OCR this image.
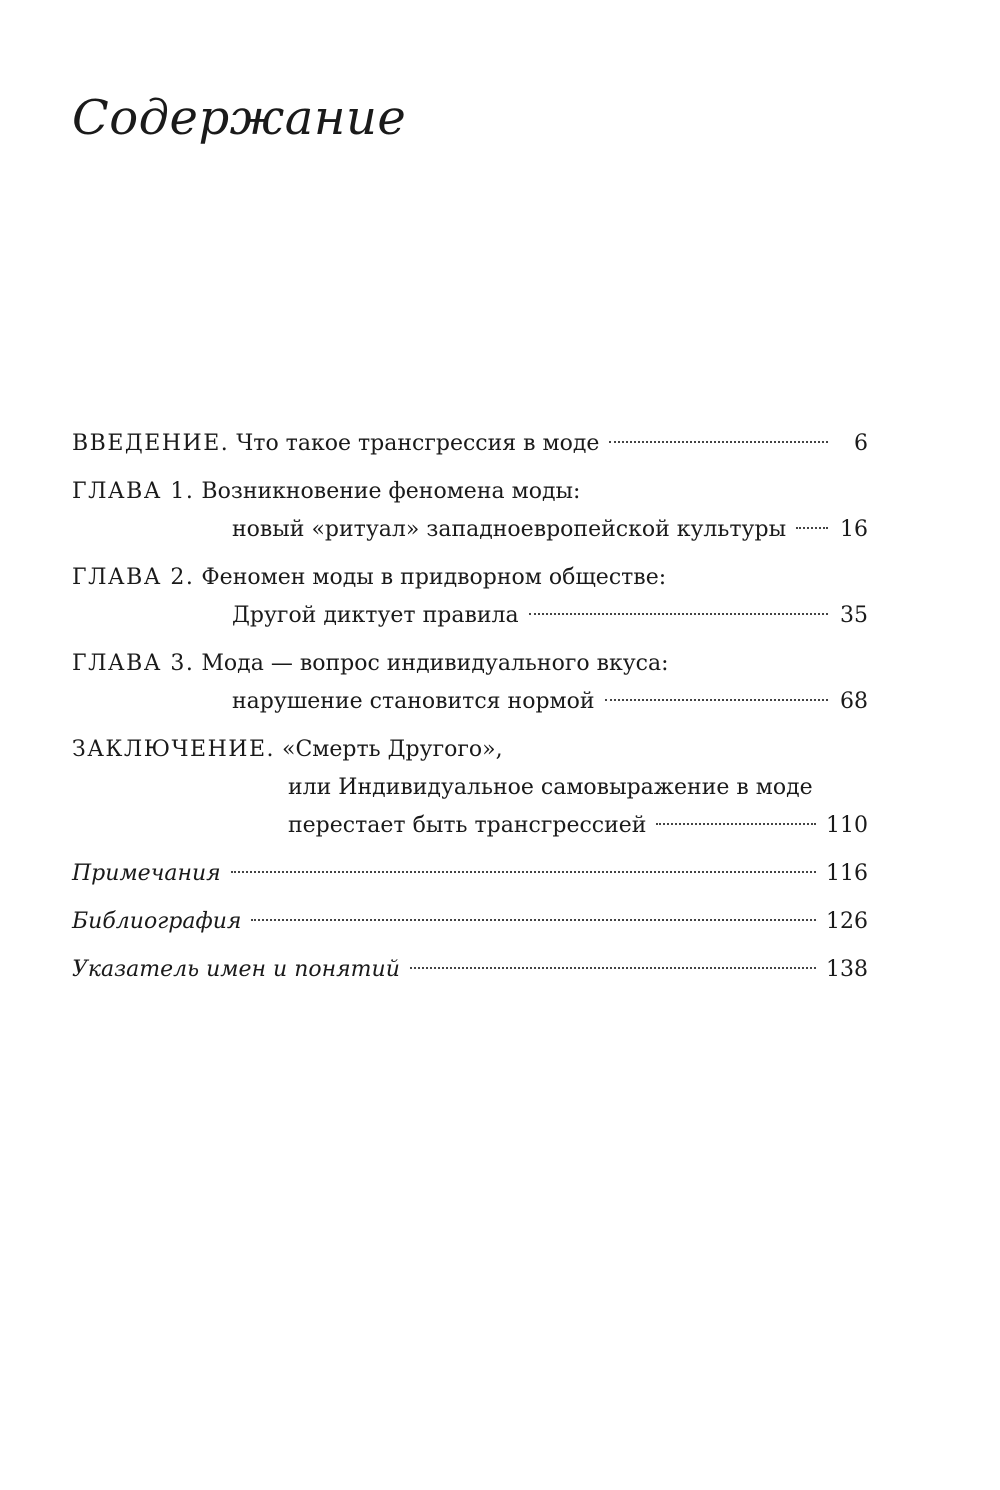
Содержание
ВВЕДЕНИЕ.
Что такое трансгрессия в моде	6
ГЛАВА 1.
Возникновение феномена моды:
новый «ритуал» западноевропейской культуры 16
ГЛАВА 2.
Феномен моды в придворном обществе:
Другой диктует правила	35
ГЛАВА 3.
Мода — вопрос индивидуального вкуса:
нарушение становится нормой	68
ЗАКЛЮЧЕНИЕ.
«Смерть Другого»,
или Индивидуальное самовыражение в моде
перестает быть трансгрессией	110
Примечания	116
Библиография	126
Указатель имен и понятий	138
